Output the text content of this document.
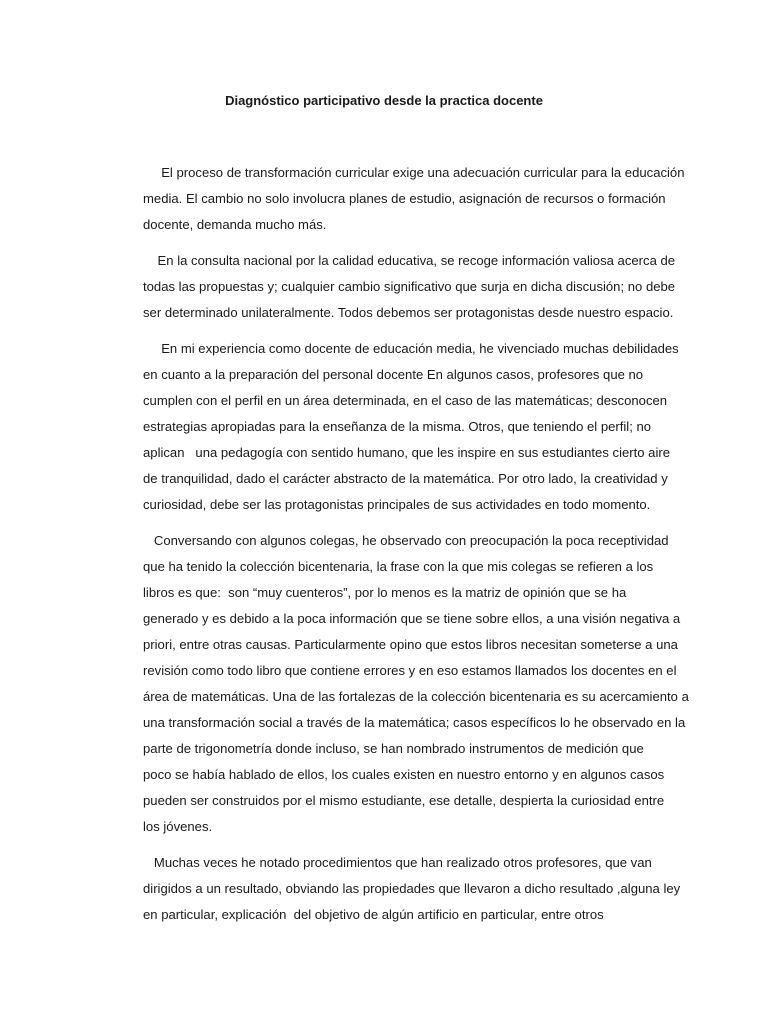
Diagnóstico participativo desde la practica docente
El proceso de transformación curricular exige una adecuación curricular para la educación
media. El cambio no solo involucra planes de estudio, asignación de recursos o formación
docente, demanda mucho más.
En la consulta nacional por la calidad educativa, se recoge información valiosa acerca de
todas las propuestas y; cualquier cambio significativo que surja en dicha discusión; no debe
ser determinado unilateralmente. Todos debemos ser protagonistas desde nuestro espacio.
En mi experiencia como docente de educación media, he vivenciado muchas debilidades
en cuanto a la preparación del personal docente En algunos casos, profesores que no
cumplen con el perfil en un área determinada, en el caso de las matemáticas; desconocen
estrategias apropiadas para la enseñanza de la misma. Otros, que teniendo el perfil; no
aplican   una pedagogía con sentido humano, que les inspire en sus estudiantes cierto aire
de tranquilidad, dado el carácter abstracto de la matemática. Por otro lado, la creatividad y
curiosidad, debe ser las protagonistas principales de sus actividades en todo momento.
Conversando con algunos colegas, he observado con preocupación la poca receptividad
que ha tenido la colección bicentenaria, la frase con la que mis colegas se refieren a los
libros es que:  son “muy cuenteros”, por lo menos es la matriz de opinión que se ha
generado y es debido a la poca información que se tiene sobre ellos, a una visión negativa a
priori, entre otras causas. Particularmente opino que estos libros necesitan someterse a una
revisión como todo libro que contiene errores y en eso estamos llamados los docentes en el
área de matemáticas. Una de las fortalezas de la colección bicentenaria es su acercamiento a
una transformación social a través de la matemática; casos específicos lo he observado en la
parte de trigonometría donde incluso, se han nombrado instrumentos de medición que
poco se había hablado de ellos, los cuales existen en nuestro entorno y en algunos casos
pueden ser construidos por el mismo estudiante, ese detalle, despierta la curiosidad entre
los jóvenes.
Muchas veces he notado procedimientos que han realizado otros profesores, que van
dirigidos a un resultado, obviando las propiedades que llevaron a dicho resultado ,alguna ley
en particular, explicación  del objetivo de algún artificio en particular, entre otros
